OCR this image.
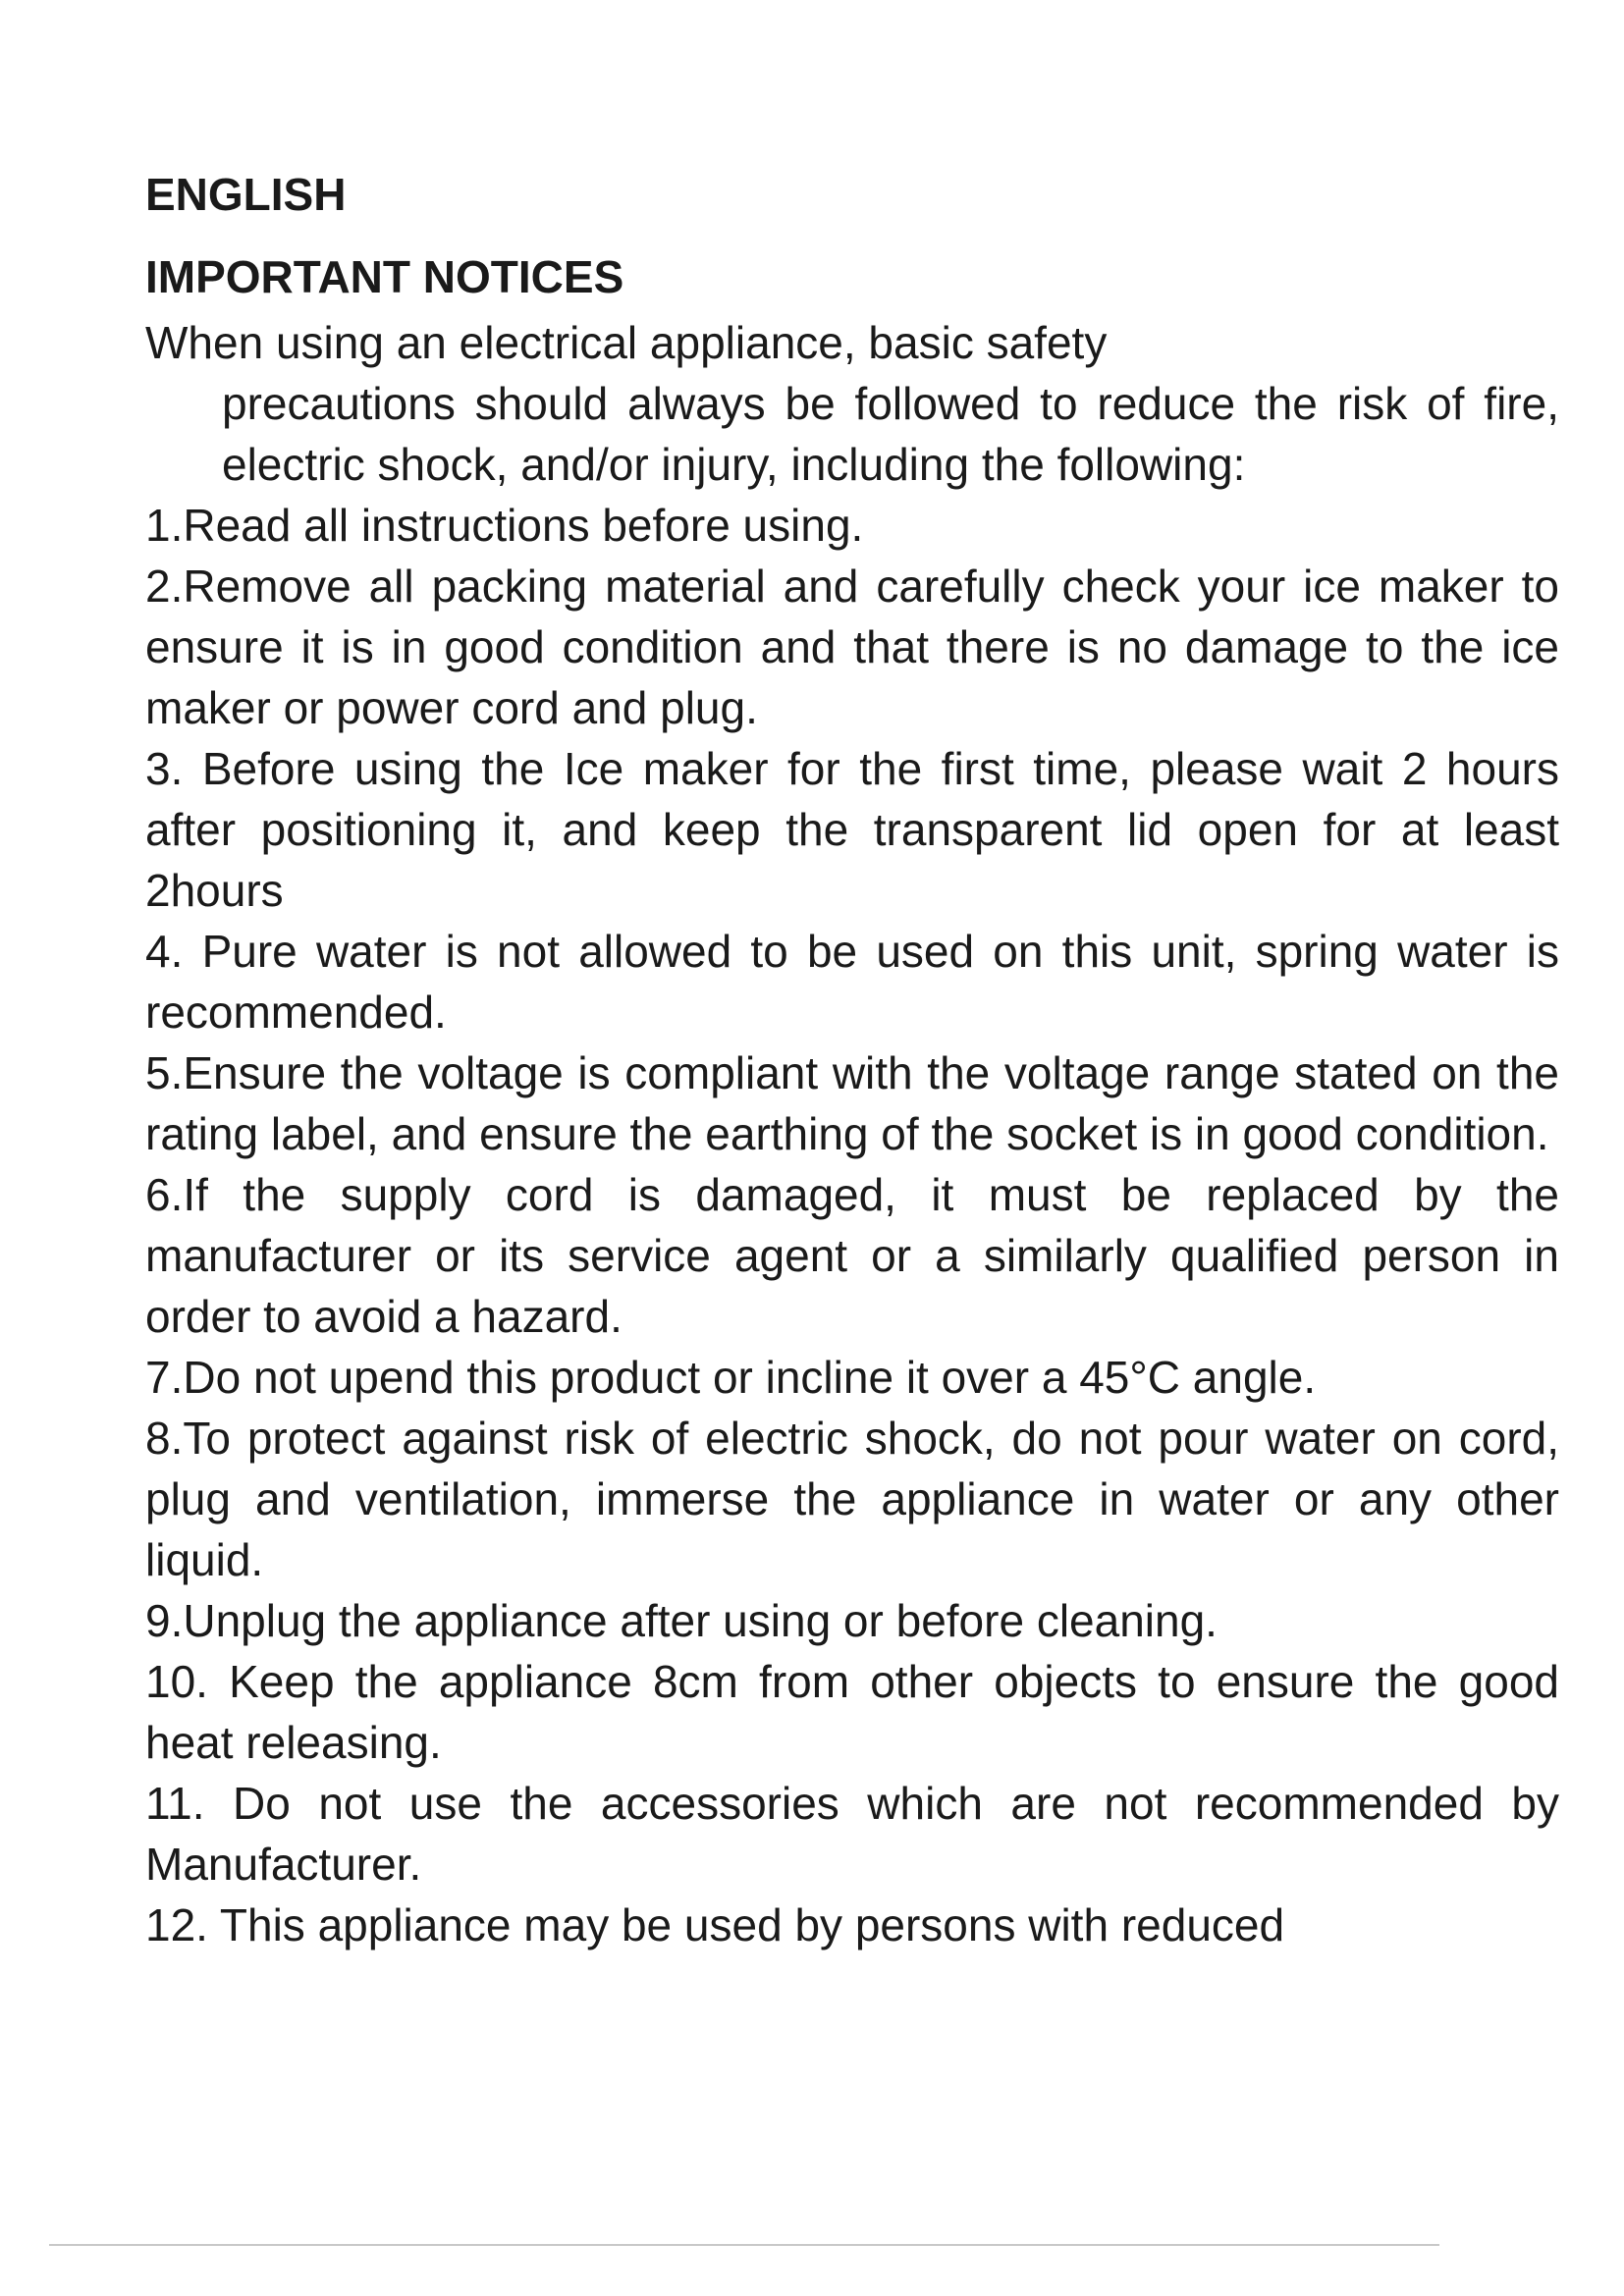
ENGLISH
IMPORTANT NOTICES
When using an electrical appliance, basic safety
precautions should always be followed to reduce the risk of fire, electric shock, and/or injury, including the following:
1.Read all instructions before using.
2.Remove all packing material and carefully check your ice maker to ensure it is in good condition and that there is no damage to the ice maker or power cord and plug.
3. Before using the Ice maker for the first time, please wait 2 hours after positioning it, and keep the transparent lid open for at least 2hours
4. Pure water is not allowed to be used on this unit, spring water is recommended.
5.Ensure the voltage is compliant with the voltage range stated on the rating label, and ensure the earthing of the socket is in good condition.
6.If the supply cord is damaged, it must be replaced by the manufacturer or its service agent or a similarly qualified person in order to avoid a hazard.
7.Do not upend this product or incline it over a 45°C angle.
8.To protect against risk of electric shock, do not pour water on cord, plug and ventilation, immerse the appliance in water or any other liquid.
9.Unplug the appliance after using or before cleaning.
10. Keep the appliance 8cm from other objects to ensure the good heat releasing.
11. Do not use the accessories which are not recommended by Manufacturer.
12. This appliance may be used by persons with reduced
